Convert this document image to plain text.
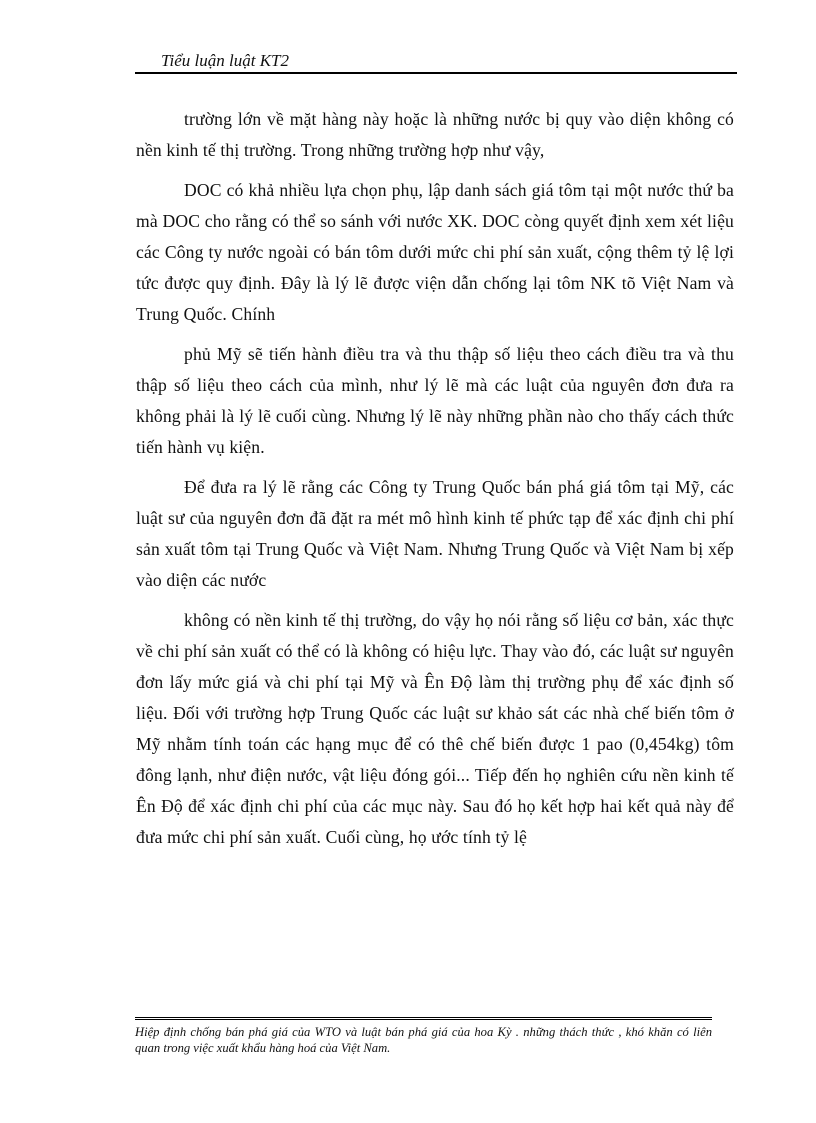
Tiểu luận luật KT2

trường lớn về mặt hàng này hoặc là những nước bị quy vào diện không có nền kinh tế thị trường. Trong những trường hợp như vậy,

DOC có khả nhiều lựa chọn phụ, lập danh sách giá tôm tại một nước thứ ba mà DOC cho rằng có thể so sánh với nước XK. DOC còng quyết định xem xét liệu các Công ty nước ngoài có bán tôm dưới mức chi phí sản xuất, cộng thêm tỷ lệ lợi tức được quy định. Đây là lý lẽ được viện dẫn chống lại tôm NK tõ Việt Nam và Trung Quốc. Chính

phủ Mỹ sẽ tiến hành điều tra và thu thập số liệu theo cách điều tra và thu thập số liệu theo cách của mình, như lý lẽ mà các luật của nguyên đơn đưa ra không phải là lý lẽ cuối cùng. Nhưng lý lẽ này những phần nào cho thấy cách thức tiến hành vụ kiện.

Để đưa ra lý lẽ rằng các Công ty Trung Quốc bán phá giá tôm tại Mỹ, các luật sư của nguyên đơn đã đặt ra mét mô hình kinh tế phức tạp để xác định chi phí sản xuất tôm tại Trung Quốc và Việt Nam. Nhưng Trung Quốc và Việt Nam bị xếp vào diện các nước

không có nền kinh tế thị trường, do vậy họ nói rằng số liệu cơ bản, xác thực về chi phí sản xuất có thể có là không có hiệu lực. Thay vào đó, các luật sư nguyên đơn lấy mức giá và chi phí tại Mỹ và Ên Độ làm thị trường phụ để xác định số liệu. Đối với trường hợp Trung Quốc các luật sư khảo sát các nhà chế biến tôm ở Mỹ nhằm tính toán các hạng mục để có thê chế biến được 1 pao (0,454kg) tôm đông lạnh, như điện nước, vật liệu đóng gói... Tiếp đến họ nghiên cứu nền kinh tế Ên Độ để xác định chi phí của các mục này. Sau đó họ kết hợp hai kết quả này để đưa mức chi phí sản xuất. Cuối cùng, họ ước tính tỷ lệ

Hiệp định chống bán phá giá của WTO và luật bán phá giá của hoa Kỳ . những thách thức , khó khăn có liên quan trong việc xuất khẩu hàng hoá của Việt Nam.
